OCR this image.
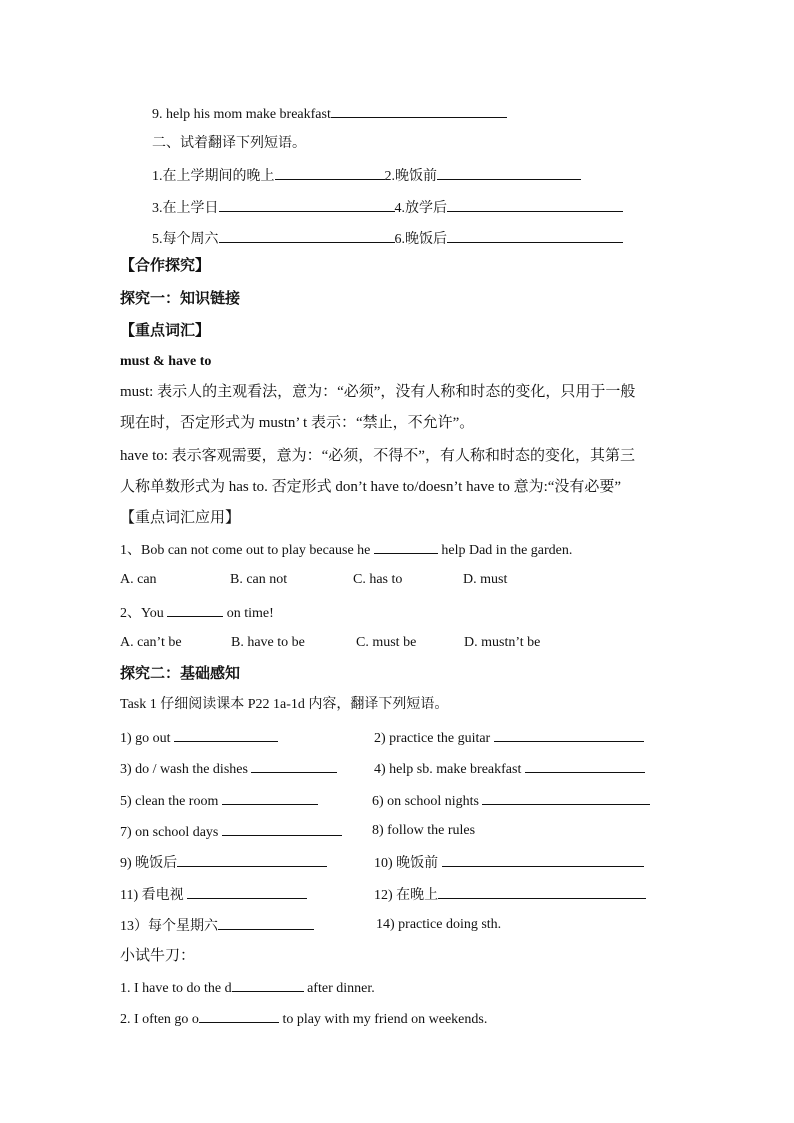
9. help his mom make breakfast
二、试着翻译下列短语。
1.在上学期间的晚上	2.晚饭前
3.在上学日	4.放学后
5.每个周六	6.晚饭后
【合作探究】
探究一：知识链接
【重点词汇】
must & have to
must: 表示人的主观看法，意为：“必须”，没有人称和时态的变化，只用于一般
现在时，否定形式为 mustn’ t 表示：“禁止，不允许”。
have to: 表示客观需要，意为：“必须，不得不”，有人称和时态的变化，其第三
人称单数形式为 has to. 否定形式 don’t have to/doesn’t have to 意为:“没有必要”
【重点词汇应用】
1、Bob can not come out to play because he	help Dad in the garden.
A. can	B. can not	C. has to	D. must
2、You	on time!
A. can’t be	B. have to be	C. must be	D. mustn’t be
探究二：基础感知
Task 1 仔细阅读课本 P22 1a-1d 内容，翻译下列短语。
1) go out	2) practice the guitar
3) do / wash the dishes	4) help sb. make breakfast
5) clean the room	6) on school nights
7) on school days	8) follow the rules
9) 晚饭后	10) 晚饭前
11) 看电视	12) 在晚上
13）每个星期六	14) practice doing sth.
小试牛刀：
1. I have to do the d	after dinner.
2. I often go o	to play with my friend on weekends.
